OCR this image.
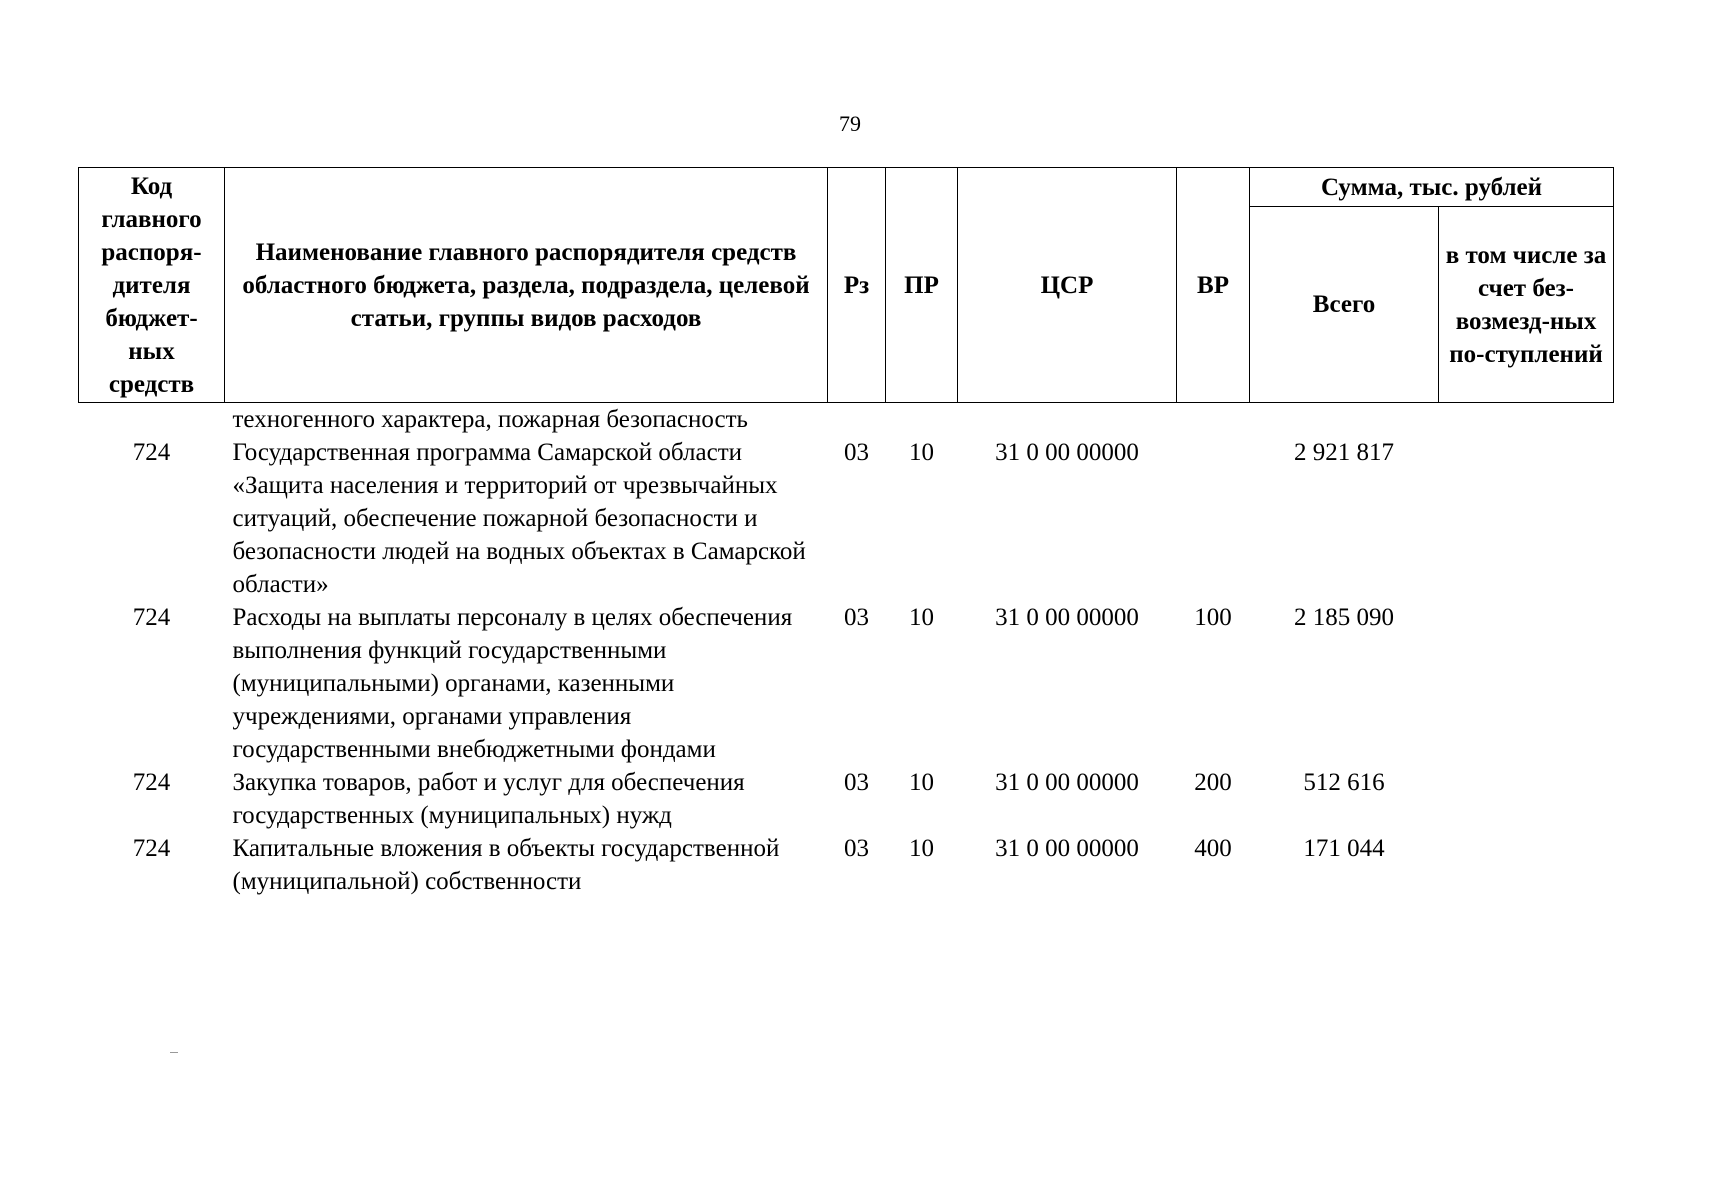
79
Код главного распоря-дителя бюджет-ных средств	Наименование главного распорядителя средств областного бюджета, раздела, подраздела, целевой статьи, группы видов расходов	Рз	ПР	ЦСР	ВР	Сумма, тыс. рублей	
						Всего	в том числе за счет без-возмезд-ных по-ступлений
	техногенного характера, пожарная безопасность						
724	Государственная программа Самарской области «Защита населения и территорий от чрезвычайных ситуаций, обеспечение пожарной безопасности и безопасности людей на водных объектах в Самарской области»	03	10	31 0 00 00000		2 921 817	
724	Расходы на выплаты персоналу в целях обеспечения выполнения функций государственными (муниципальными) органами, казенными учреждениями, органами управления государственными внебюджетными фондами	03	10	31 0 00 00000	100	2 185 090	
724	Закупка товаров, работ и услуг для обеспечения государственных (муниципальных) нужд	03	10	31 0 00 00000	200	512 616	
724	Капитальные вложения в объекты государственной (муниципальной) собственности	03	10	31 0 00 00000	400	171 044	
